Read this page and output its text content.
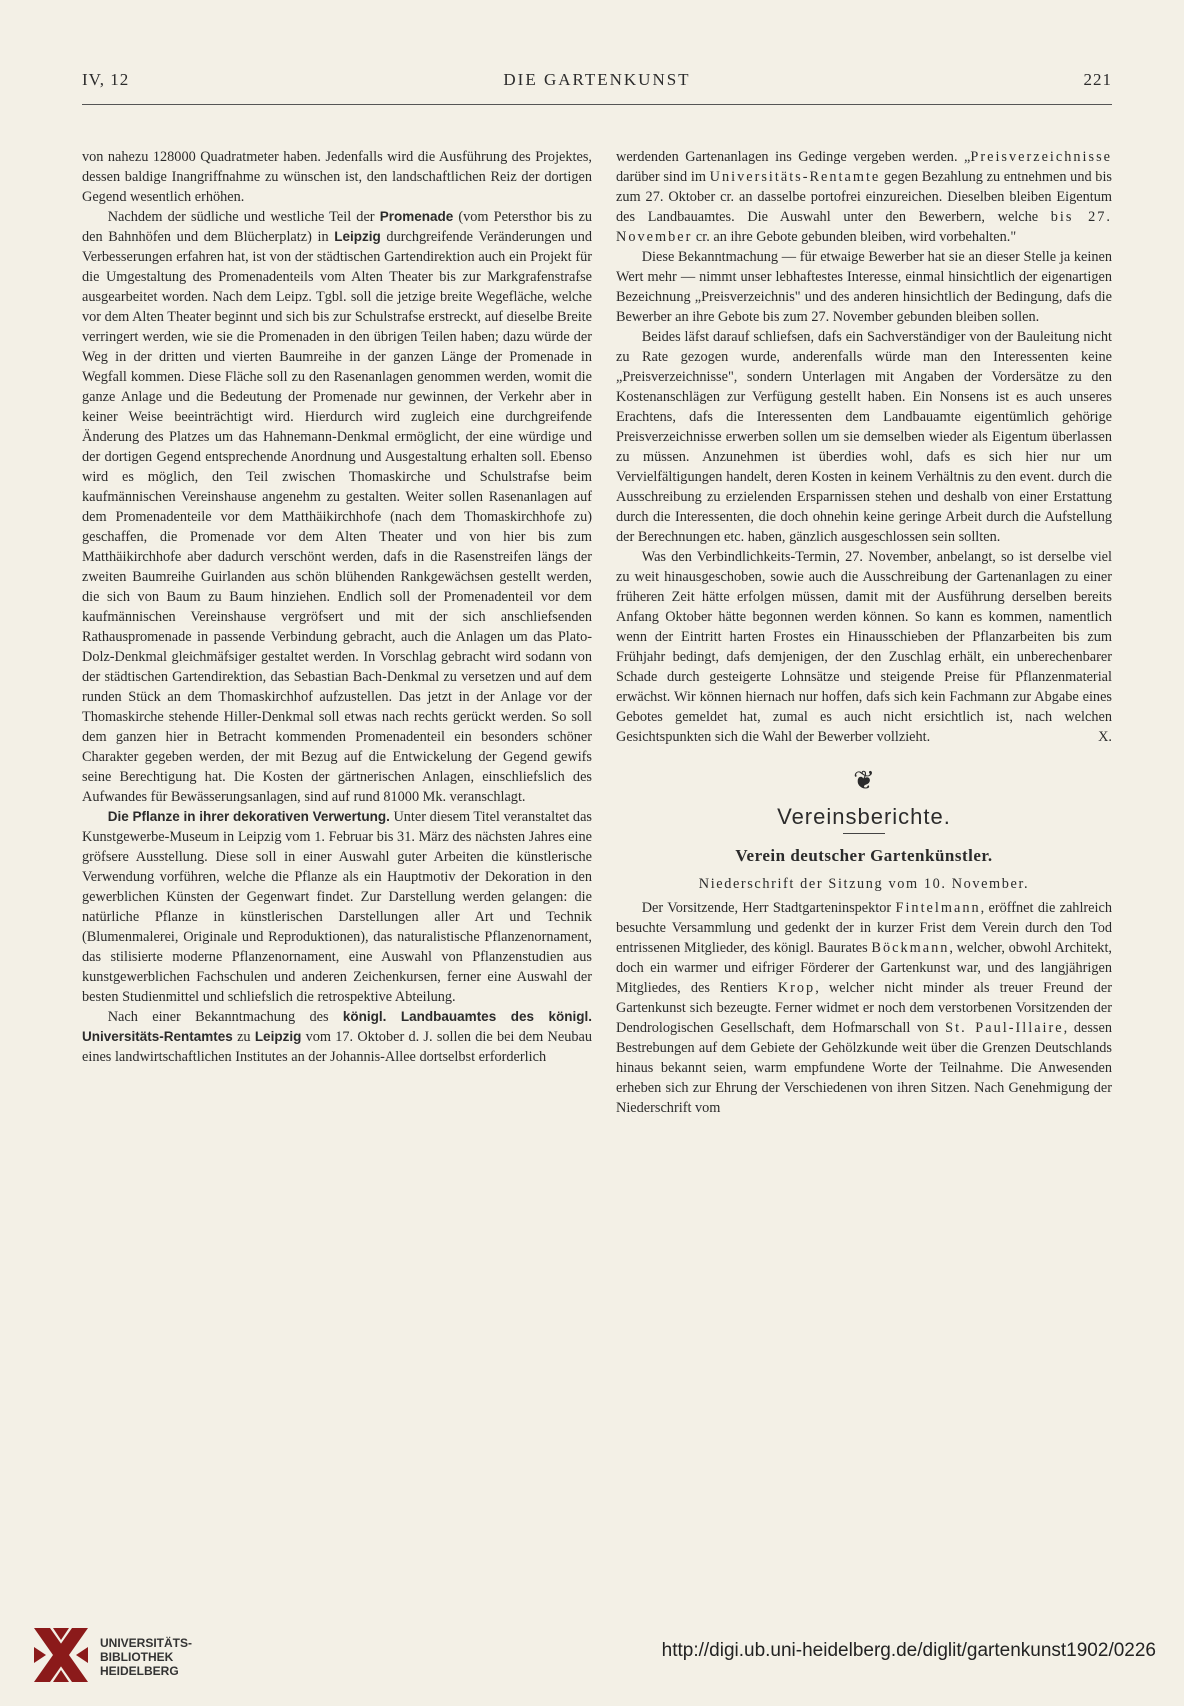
IV, 12	DIE GARTENKUNST	221

von nahezu 128000 Quadratmeter haben. Jedenfalls wird die Ausführung des Projektes, dessen baldige Inangriffnahme zu wünschen ist, den landschaftlichen Reiz der dortigen Gegend wesentlich erhöhen.

Nachdem der südliche und westliche Teil der Promenade (vom Petersthor bis zu den Bahnhöfen und dem Blücherplatz) in Leipzig durchgreifende Veränderungen und Verbesserungen erfahren hat, ist von der städtischen Gartendirektion auch ein Projekt für die Umgestaltung des Promenadenteils vom Alten Theater bis zur Markgrafenstrafse ausgearbeitet worden. Nach dem Leipz. Tgbl. soll die jetzige breite Wegefläche, welche vor dem Alten Theater beginnt und sich bis zur Schulstrafse erstreckt, auf dieselbe Breite verringert werden, wie sie die Promenaden in den übrigen Teilen haben; dazu würde der Weg in der dritten und vierten Baumreihe in der ganzen Länge der Promenade in Wegfall kommen. Diese Fläche soll zu den Rasenanlagen genommen werden, womit die ganze Anlage und die Bedeutung der Promenade nur gewinnen, der Verkehr aber in keiner Weise beeinträchtigt wird. Hierdurch wird zugleich eine durchgreifende Änderung des Platzes um das Hahnemann-Denkmal ermöglicht, der eine würdige und der dortigen Gegend entsprechende Anordnung und Ausgestaltung erhalten soll. Ebenso wird es möglich, den Teil zwischen Thomaskirche und Schulstrafse beim kaufmännischen Vereinshause angenehm zu gestalten. Weiter sollen Rasenanlagen auf dem Promenadenteile vor dem Matthäikirchhofe (nach dem Thomaskirchhofe zu) geschaffen, die Promenade vor dem Alten Theater und von hier bis zum Matthäikirchhofe aber dadurch verschönt werden, dafs in die Rasenstreifen längs der zweiten Baumreihe Guirlanden aus schön blühenden Rankgewächsen gestellt werden, die sich von Baum zu Baum hinziehen. Endlich soll der Promenadenteil vor dem kaufmännischen Vereinshause vergröfsert und mit der sich anschliefsenden Rathauspromenade in passende Verbindung gebracht, auch die Anlagen um das Plato-Dolz-Denkmal gleichmäfsiger gestaltet werden. In Vorschlag gebracht wird sodann von der städtischen Gartendirektion, das Sebastian Bach-Denkmal zu versetzen und auf dem runden Stück an dem Thomaskirchhof aufzustellen. Das jetzt in der Anlage vor der Thomaskirche stehende Hiller-Denkmal soll etwas nach rechts gerückt werden. So soll dem ganzen hier in Betracht kommenden Promenadenteil ein besonders schöner Charakter gegeben werden, der mit Bezug auf die Entwickelung der Gegend gewifs seine Berechtigung hat. Die Kosten der gärtnerischen Anlagen, einschliefslich des Aufwandes für Bewässerungsanlagen, sind auf rund 81000 Mk. veranschlagt.

Die Pflanze in ihrer dekorativen Verwertung. Unter diesem Titel veranstaltet das Kunstgewerbe-Museum in Leipzig vom 1. Februar bis 31. März des nächsten Jahres eine gröfsere Ausstellung. Diese soll in einer Auswahl guter Arbeiten die künstlerische Verwendung vorführen, welche die Pflanze als ein Hauptmotiv der Dekoration in den gewerblichen Künsten der Gegenwart findet. Zur Darstellung werden gelangen: die natürliche Pflanze in künstlerischen Darstellungen aller Art und Technik (Blumenmalerei, Originale und Reproduktionen), das naturalistische Pflanzenornament, das stilisierte moderne Pflanzenornament, eine Auswahl von Pflanzenstudien aus kunstgewerblichen Fachschulen und anderen Zeichenkursen, ferner eine Auswahl der besten Studienmittel und schliefslich die retrospektive Abteilung.

Nach einer Bekanntmachung des königl. Landbauamtes des königl. Universitäts-Rentamtes zu Leipzig vom 17. Oktober d. J. sollen die bei dem Neubau eines landwirtschaftlichen Institutes an der Johannis-Allee dortselbst erforderlich

werdenden Gartenanlagen ins Gedinge vergeben werden. „Preisverzeichnisse darüber sind im Universitäts-Rentamte gegen Bezahlung zu entnehmen und bis zum 27. Oktober cr. an dasselbe portofrei einzureichen. Dieselben bleiben Eigentum des Landbauamtes. Die Auswahl unter den Bewerbern, welche bis 27. November cr. an ihre Gebote gebunden bleiben, wird vorbehalten."

Diese Bekanntmachung — für etwaige Bewerber hat sie an dieser Stelle ja keinen Wert mehr — nimmt unser lebhaftestes Interesse, einmal hinsichtlich der eigenartigen Bezeichnung „Preisverzeichnis" und des anderen hinsichtlich der Bedingung, dafs die Bewerber an ihre Gebote bis zum 27. November gebunden bleiben sollen.

Beides läfst darauf schliefsen, dafs ein Sachverständiger von der Bauleitung nicht zu Rate gezogen wurde, anderenfalls würde man den Interessenten keine „Preisverzeichnisse", sondern Unterlagen mit Angaben der Vordersätze zu den Kostenanschlägen zur Verfügung gestellt haben. Ein Nonsens ist es auch unseres Erachtens, dafs die Interessenten dem Landbauamte eigentümlich gehörige Preisverzeichnisse erwerben sollen um sie demselben wieder als Eigentum überlassen zu müssen. Anzunehmen ist überdies wohl, dafs es sich hier nur um Vervielfältigungen handelt, deren Kosten in keinem Verhältnis zu den event. durch die Ausschreibung zu erzielenden Ersparnissen stehen und deshalb von einer Erstattung durch die Interessenten, die doch ohnehin keine geringe Arbeit durch die Aufstellung der Berechnungen etc. haben, gänzlich ausgeschlossen sein sollten.

Was den Verbindlichkeits-Termin, 27. November, anbelangt, so ist derselbe viel zu weit hinausgeschoben, sowie auch die Ausschreibung der Gartenanlagen zu einer früheren Zeit hätte erfolgen müssen, damit mit der Ausführung derselben bereits Anfang Oktober hätte begonnen werden können. So kann es kommen, namentlich wenn der Eintritt harten Frostes ein Hinausschieben der Pflanzarbeiten bis zum Frühjahr bedingt, dafs demjenigen, der den Zuschlag erhält, ein unberechenbarer Schade durch gesteigerte Lohnsätze und steigende Preise für Pflanzenmaterial erwächst. Wir können hiernach nur hoffen, dafs sich kein Fachmann zur Abgabe eines Gebotes gemeldet hat, zumal es auch nicht ersichtlich ist, nach welchen Gesichtspunkten sich die Wahl der Bewerber vollzieht.	X.

❦
Vereinsberichte.
Verein deutscher Gartenkünstler.
Niederschrift der Sitzung vom 10. November.

Der Vorsitzende, Herr Stadtgarteninspektor Fintelmann, eröffnet die zahlreich besuchte Versammlung und gedenkt der in kurzer Frist dem Verein durch den Tod entrissenen Mitglieder, des königl. Baurates Böckmann, welcher, obwohl Architekt, doch ein warmer und eifriger Förderer der Gartenkunst war, und des langjährigen Mitgliedes, des Rentiers Krop, welcher nicht minder als treuer Freund der Gartenkunst sich bezeugte. Ferner widmet er noch dem verstorbenen Vorsitzenden der Dendrologischen Gesellschaft, dem Hofmarschall von St. Paul-Illaire, dessen Bestrebungen auf dem Gebiete der Gehölzkunde weit über die Grenzen Deutschlands hinaus bekannt seien, warm empfundene Worte der Teilnahme. Die Anwesenden erheben sich zur Ehrung der Verschiedenen von ihren Sitzen. Nach Genehmigung der Niederschrift vom

UNIVERSITÄTS-
BIBLIOTHEK
HEIDELBERG
http://digi.ub.uni-heidelberg.de/diglit/gartenkunst1902/0226
